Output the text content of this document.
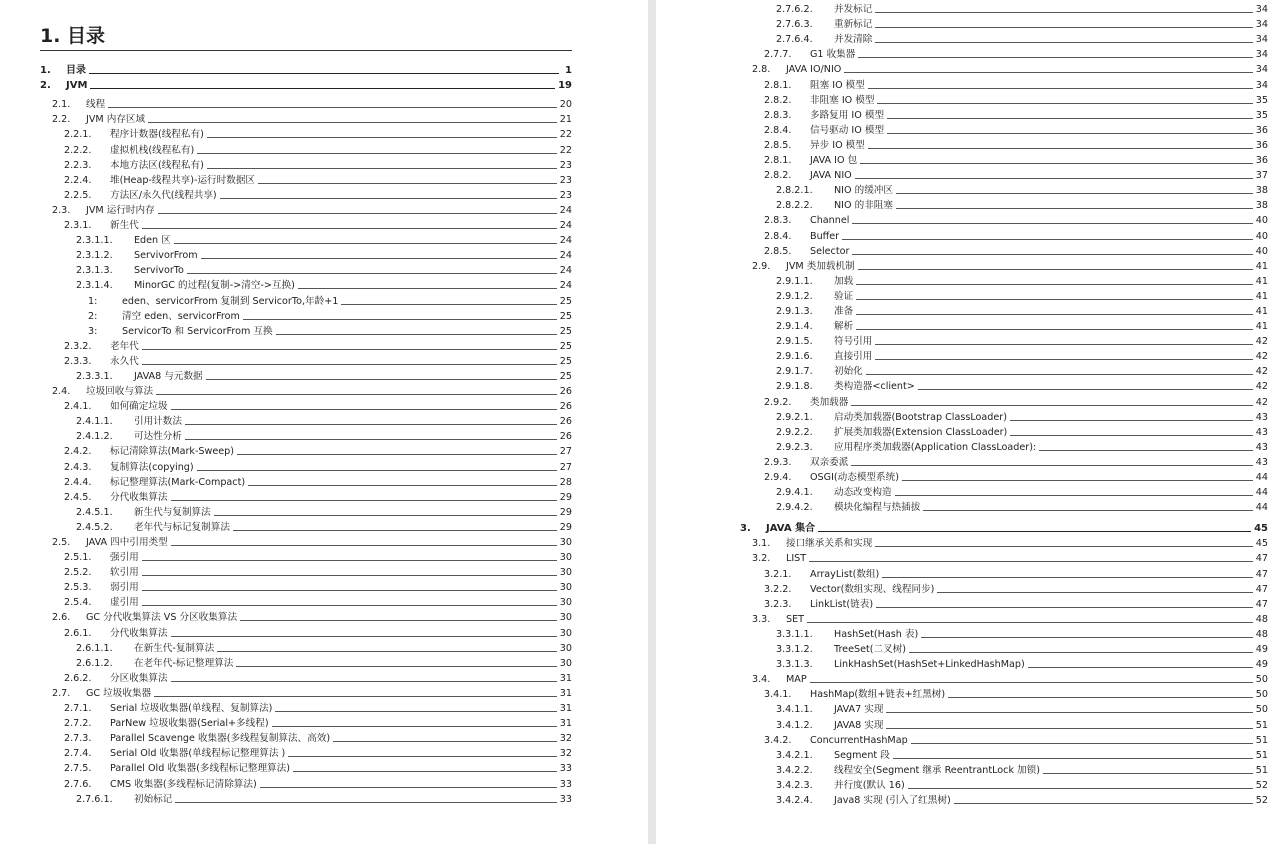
1. 目录
1.	目录	1
2.	JVM	19
2.1.	线程	20
2.2.	JVM 内存区域	21
2.2.1.	程序计数器(线程私有)	22
2.2.2.	虚拟机栈(线程私有)	22
2.2.3.	本地方法区(线程私有)	23
2.2.4.	堆(Heap-线程共享)-运行时数据区	23
2.2.5.	方法区/永久代(线程共享)	23
2.3.	JVM 运行时内存	24
2.3.1.	新生代	24
2.3.1.1.	Eden 区	24
2.3.1.2.	ServivorFrom	24
2.3.1.3.	ServivorTo	24
2.3.1.4.	MinorGC 的过程(复制->清空->互换)	24
1:	eden、servicorFrom 复制到 ServicorTo,年龄+1	25
2:	清空 eden、servicorFrom	25
3:	ServicorTo 和 ServicorFrom 互换	25
2.3.2.	老年代	25
2.3.3.	永久代	25
2.3.3.1.	JAVA8 与元数据	25
2.4.	垃圾回收与算法	26
2.4.1.	如何确定垃圾	26
2.4.1.1.	引用计数法	26
2.4.1.2.	可达性分析	26
2.4.2.	标记清除算法(Mark-Sweep)	27
2.4.3.	复制算法(copying)	27
2.4.4.	标记整理算法(Mark-Compact)	28
2.4.5.	分代收集算法	29
2.4.5.1.	新生代与复制算法	29
2.4.5.2.	老年代与标记复制算法	29
2.5.	JAVA 四中引用类型	30
2.5.1.	强引用	30
2.5.2.	软引用	30
2.5.3.	弱引用	30
2.5.4.	虚引用	30
2.6.	GC 分代收集算法 VS 分区收集算法	30
2.6.1.	分代收集算法	30
2.6.1.1.	在新生代-复制算法	30
2.6.1.2.	在老年代-标记整理算法	30
2.6.2.	分区收集算法	31
2.7.	GC 垃圾收集器	31
2.7.1.	Serial 垃圾收集器(单线程、复制算法)	31
2.7.2.	ParNew 垃圾收集器(Serial+多线程)	31
2.7.3.	Parallel Scavenge 收集器(多线程复制算法、高效)	32
2.7.4.	Serial Old 收集器(单线程标记整理算法 )	32
2.7.5.	Parallel Old 收集器(多线程标记整理算法)	33
2.7.6.	CMS 收集器(多线程标记清除算法)	33
2.7.6.1.	初始标记	33
2.7.6.2.	并发标记	34
2.7.6.3.	重新标记	34
2.7.6.4.	并发清除	34
2.7.7.	G1 收集器	34
2.8.	JAVA IO/NIO	34
2.8.1.	阻塞 IO 模型	34
2.8.2.	非阻塞 IO 模型	35
2.8.3.	多路复用 IO 模型	35
2.8.4.	信号驱动 IO 模型	36
2.8.5.	异步 IO 模型	36
2.8.1.	JAVA IO 包	36
2.8.2.	JAVA NIO	37
2.8.2.1.	NIO 的缓冲区	38
2.8.2.2.	NIO 的非阻塞	38
2.8.3.	Channel	40
2.8.4.	Buffer	40
2.8.5.	Selector	40
2.9.	JVM 类加载机制	41
2.9.1.1.	加载	41
2.9.1.2.	验证	41
2.9.1.3.	准备	41
2.9.1.4.	解析	41
2.9.1.5.	符号引用	42
2.9.1.6.	直接引用	42
2.9.1.7.	初始化	42
2.9.1.8.	类构造器<client>	42
2.9.2.	类加载器	42
2.9.2.1.	启动类加载器(Bootstrap ClassLoader)	43
2.9.2.2.	扩展类加载器(Extension ClassLoader)	43
2.9.2.3.	应用程序类加载器(Application ClassLoader):	43
2.9.3.	双亲委派	43
2.9.4.	OSGI(动态模型系统)	44
2.9.4.1.	动态改变构造	44
2.9.4.2.	模块化编程与热插拔	44
3.	JAVA 集合	45
3.1.	接口继承关系和实现	45
3.2.	LIST	47
3.2.1.	ArrayList(数组)	47
3.2.2.	Vector(数组实现、线程同步)	47
3.2.3.	LinkList(链表)	47
3.3.	SET	48
3.3.1.1.	HashSet(Hash 表)	48
3.3.1.2.	TreeSet(二叉树)	49
3.3.1.3.	LinkHashSet(HashSet+LinkedHashMap)	49
3.4.	MAP	50
3.4.1.	HashMap(数组+链表+红黑树)	50
3.4.1.1.	JAVA7 实现	50
3.4.1.2.	JAVA8 实现	51
3.4.2.	ConcurrentHashMap	51
3.4.2.1.	Segment 段	51
3.4.2.2.	线程安全(Segment 继承 ReentrantLock 加锁)	51
3.4.2.3.	并行度(默认 16)	52
3.4.2.4.	Java8 实现 (引入了红黑树)	52
